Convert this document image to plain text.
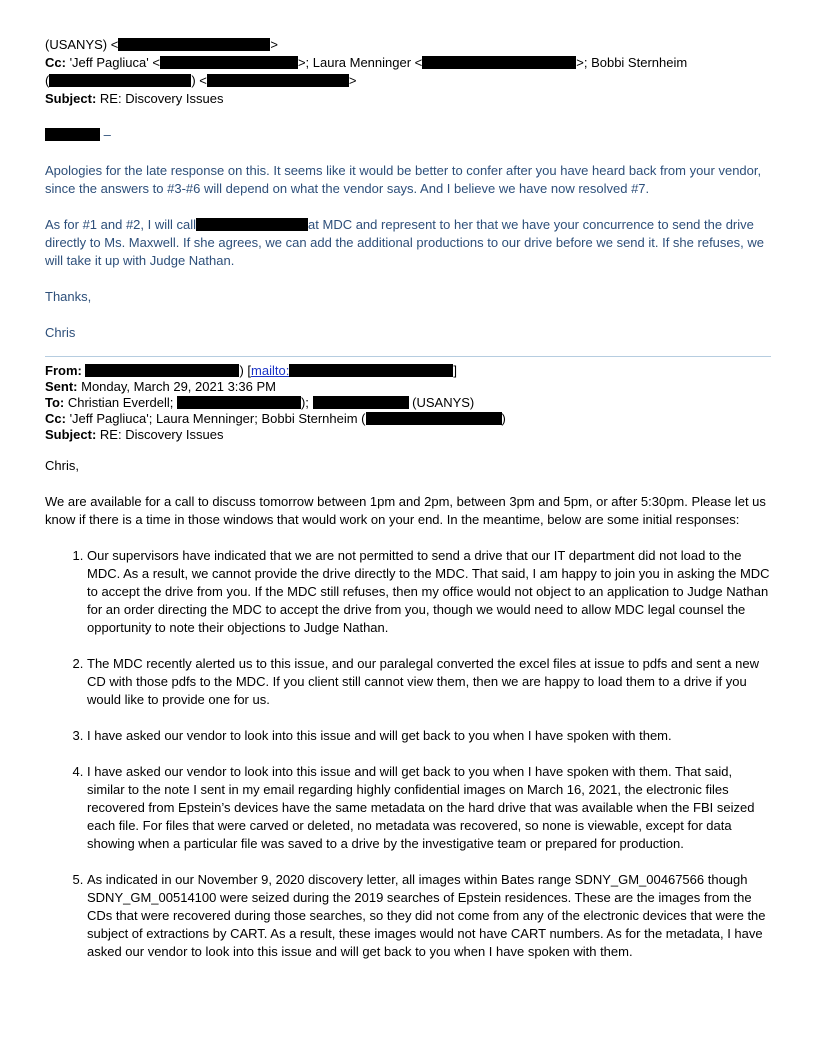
(USANYS) <	>
Cc: 'Jeff Pagliuca' <	>; Laura Menninger <	>; Bobbi Sternheim
(	) <	>
Subject: RE: Discovery Issues
–

Apologies for the late response on this. It seems like it would be better to confer after you have heard back from your vendor, since the answers to #3-#6 will depend on what the vendor says. And I believe we have now resolved #7.

As for #1 and #2, I will call	at MDC and represent to her that we have your concurrence to send the drive directly to Ms. Maxwell. If she agrees, we can add the additional productions to our drive before we send it. If she refuses, we will take it up with Judge Nathan.

Thanks,
Chris
From:	) [mailto:	]
Sent: Monday, March 29, 2021 3:36 PM
To: Christian Everdell;	);	(USANYS)
Cc: 'Jeff Pagliuca'; Laura Menninger; Bobbi Sternheim (	)
Subject: RE: Discovery Issues
Chris,

We are available for a call to discuss tomorrow between 1pm and 2pm, between 3pm and 5pm, or after 5:30pm. Please let us know if there is a time in those windows that would work on your end. In the meantime, below are some initial responses:

1. Our supervisors have indicated that we are not permitted to send a drive that our IT department did not load to the MDC. As a result, we cannot provide the drive directly to the MDC. That said, I am happy to join you in asking the MDC to accept the drive from you. If the MDC still refuses, then my office would not object to an application to Judge Nathan for an order directing the MDC to accept the drive from you, though we would need to allow MDC legal counsel the opportunity to note their objections to Judge Nathan.
2. The MDC recently alerted us to this issue, and our paralegal converted the excel files at issue to pdfs and sent a new CD with those pdfs to the MDC. If you client still cannot view them, then we are happy to load them to a drive if you would like to provide one for us.
3. I have asked our vendor to look into this issue and will get back to you when I have spoken with them.
4. I have asked our vendor to look into this issue and will get back to you when I have spoken with them. That said, similar to the note I sent in my email regarding highly confidential images on March 16, 2021, the electronic files recovered from Epstein’s devices have the same metadata on the hard drive that was available when the FBI seized each file. For files that were carved or deleted, no metadata was recovered, so none is viewable, except for data showing when a particular file was saved to a drive by the investigative team or prepared for production.
5. As indicated in our November 9, 2020 discovery letter, all images within Bates range SDNY_GM_00467566 though SDNY_GM_00514100 were seized during the 2019 searches of Epstein residences. These are the images from the CDs that were recovered during those searches, so they did not come from any of the electronic devices that were the subject of extractions by CART. As a result, these images would not have CART numbers. As for the metadata, I have asked our vendor to look into this issue and will get back to you when I have spoken with them.
